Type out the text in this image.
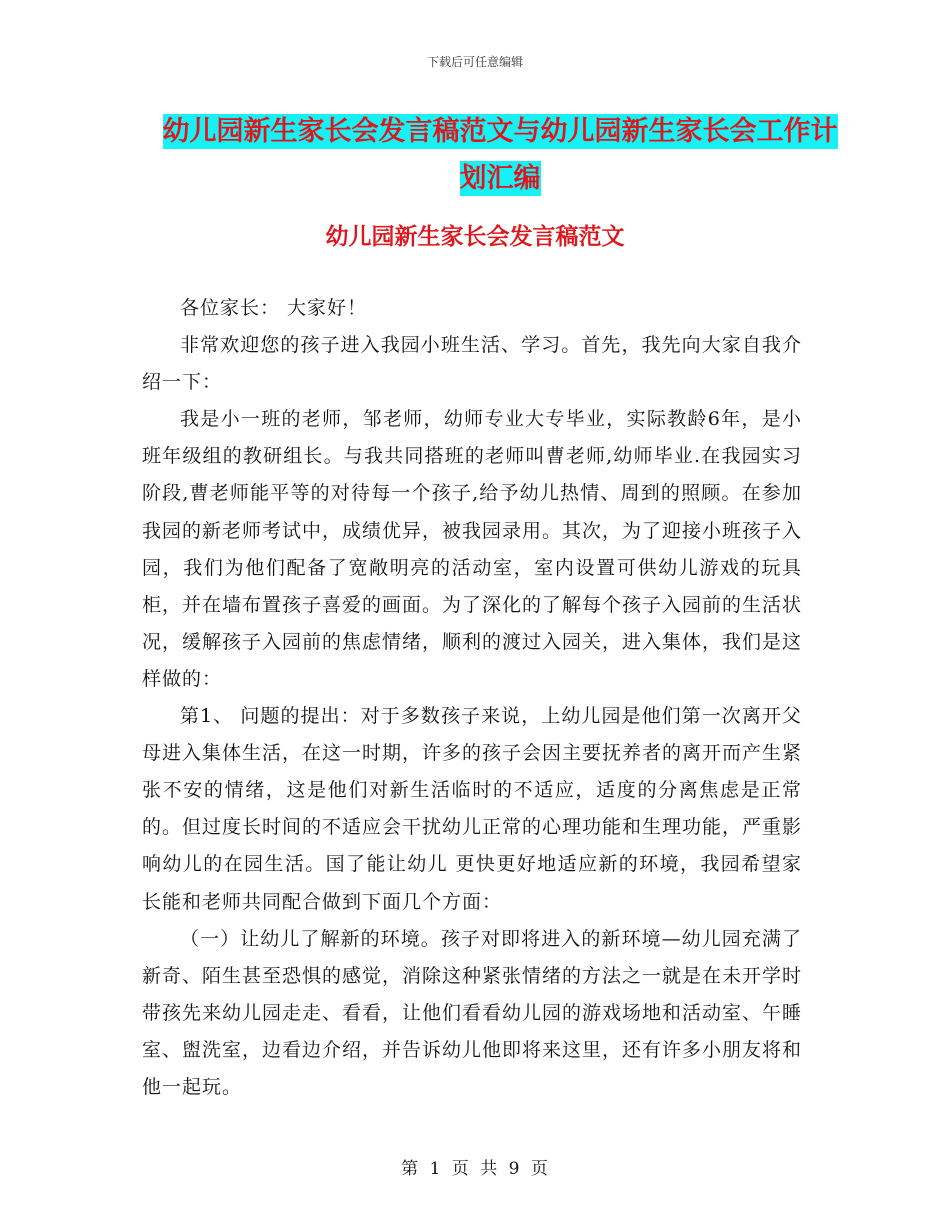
下载后可任意编辑
幼儿园新生家长会发言稿范文与幼儿园新生家长会工作计划汇编
幼儿园新生家长会发言稿范文

各位家长： 大家好！

非常欢迎您的孩子进入我园小班生活、学习。首先，我先向大家自我介绍一下：

我是小一班的老师，邹老师，幼师专业大专毕业，实际教龄6年，是小班年级组的教研组长。与我共同搭班的老师叫曹老师,幼师毕业.在我园实习阶段,曹老师能平等的对待每一个孩子,给予幼儿热情、周到的照顾。在参加我园的新老师考试中，成绩优异，被我园录用。其次，为了迎接小班孩子入园，我们为他们配备了宽敞明亮的活动室，室内设置可供幼儿游戏的玩具柜，并在墙布置孩子喜爱的画面。为了深化的了解每个孩子入园前的生活状况，缓解孩子入园前的焦虑情绪，顺利的渡过入园关，进入集体，我们是这样做的：

第1、 问题的提出：对于多数孩子来说，上幼儿园是他们第一次离开父母进入集体生活，在这一时期，许多的孩子会因主要抚养者的离开而产生紧张不安的情绪，这是他们对新生活临时的不适应，适度的分离焦虑是正常的。但过度长时间的不适应会干扰幼儿正常的心理功能和生理功能，严重影响幼儿的在园生活。国了能让幼儿 更快更好地适应新的环境，我园希望家长能和老师共同配合做到下面几个方面：

（一）让幼儿了解新的环境。孩子对即将进入的新环境—幼儿园充满了新奇、陌生甚至恐惧的感觉，消除这种紧张情绪的方法之一就是在未开学时带孩先来幼儿园走走、看看，让他们看看幼儿园的游戏场地和活动室、午睡室、盥洗室，边看边介绍，并告诉幼儿他即将来这里，还有许多小朋友将和他一起玩。

第 1 页 共 9 页
